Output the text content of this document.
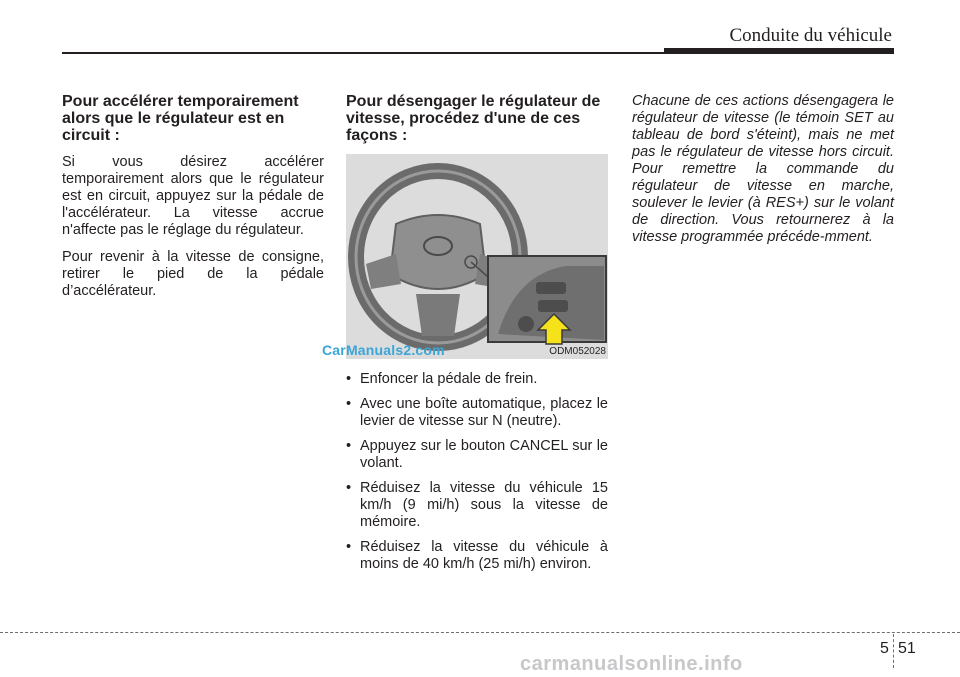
Conduite du véhicule
Pour accélérer temporairement alors que le régulateur est en circuit :

Si vous désirez accélérer temporairement alors que le régulateur est en circuit, appuyez sur la pédale de l'accélérateur. La vitesse accrue n'affecte pas le réglage du régulateur.

Pour revenir à la vitesse de consigne, retirer le pied de la pédale d’accélérateur.

Pour désengager le régulateur de vitesse, procédez d'une de ces façons :
ODM052028
• Enfoncer la pédale de frein.
• Avec une boîte automatique, placez le levier de vitesse sur N (neutre).
• Appuyez sur le bouton CANCEL sur le volant.
• Réduisez la vitesse du véhicule 15 km/h (9 mi/h) sous la vitesse de mémoire.
• Réduisez la vitesse du véhicule à moins de 40 km/h (25 mi/h) environ.

Chacune de ces actions désengagera le régulateur de vitesse (le témoin SET au tableau de bord s'éteint), mais ne met pas le régulateur de vitesse hors circuit. Pour remettre la commande du régulateur de vitesse en marche, soulever le levier (à RES+) sur le volant de direction. Vous retournerez à la vitesse programmée précéde-mment.

CarManuals2.com
5 51
carmanualsonline.info
